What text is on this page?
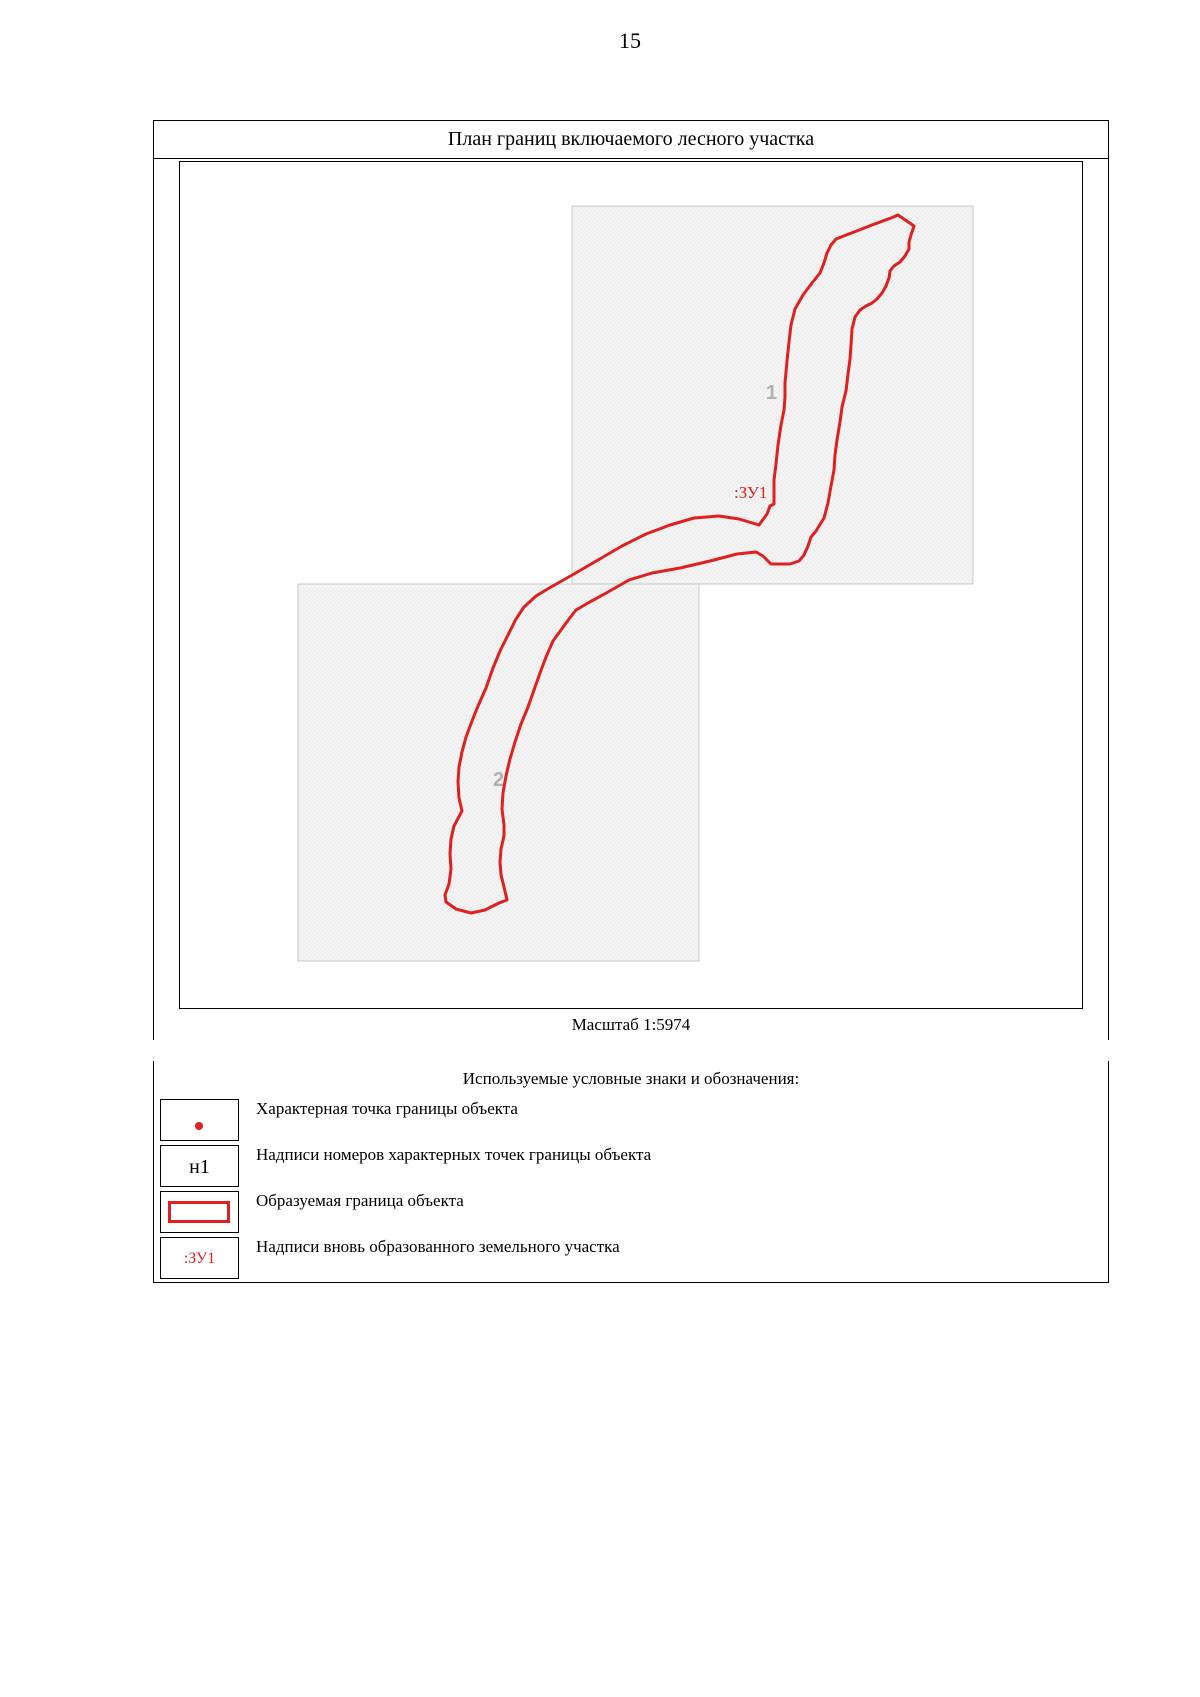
15
План границ включаемого лесного участка
1
2
:ЗУ1
Масштаб 1:5974
Используемые условные знаки и обозначения:
Характерная точка границы объекта
н1
Надписи номеров характерных точек границы объекта
Образуемая граница объекта
:ЗУ1
Надписи вновь образованного земельного участка
